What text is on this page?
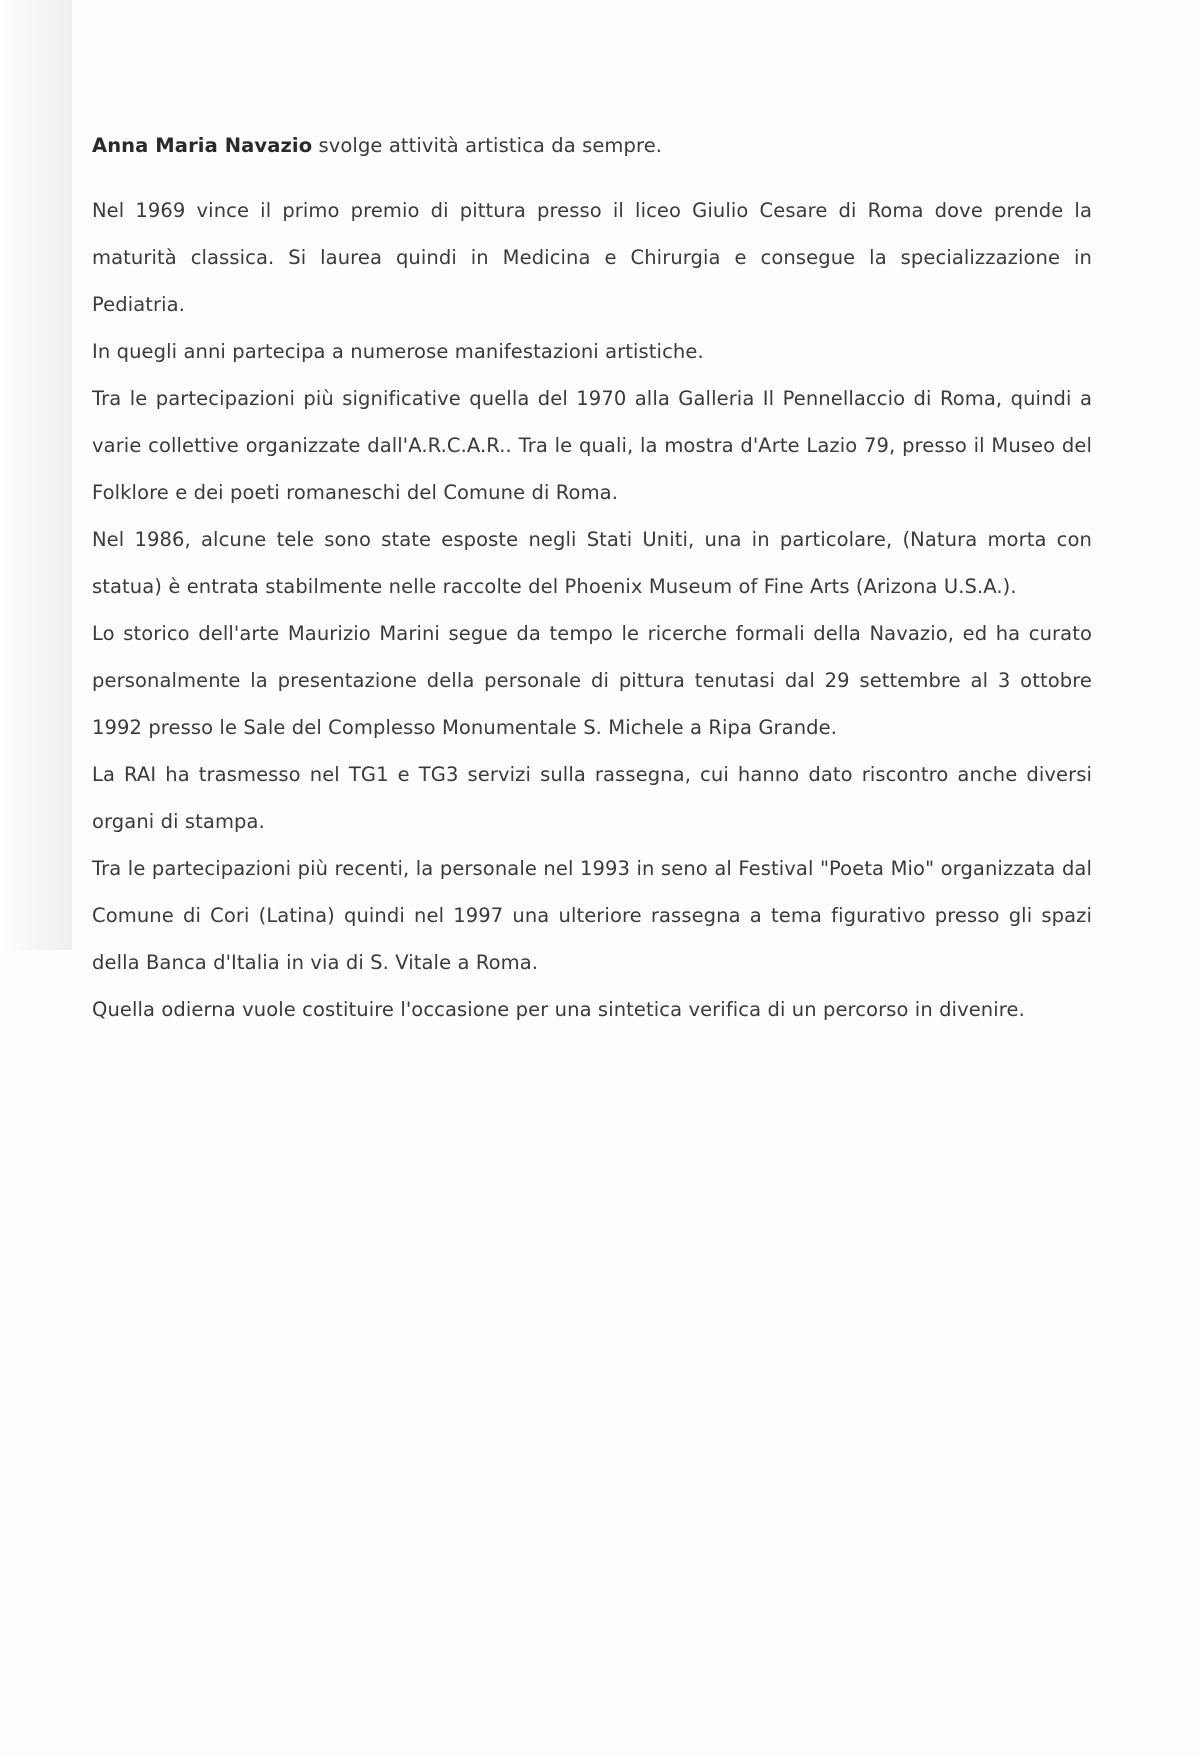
Anna Maria Navazio svolge attività artistica da sempre.

Nel 1969 vince il primo premio di pittura presso il liceo Giulio Cesare di Roma dove prende la maturità classica. Si laurea quindi in Medicina e Chirurgia e consegue la specializzazione in Pediatria.

In quegli anni partecipa a numerose manifestazioni artistiche.

Tra le partecipazioni più significative quella del 1970 alla Galleria Il Pennellaccio di Roma, quindi a varie collettive organizzate dall'A.R.C.A.R.. Tra le quali, la mostra d'Arte Lazio 79, presso il Museo del Folklore e dei poeti romaneschi del Comune di Roma.

Nel 1986, alcune tele sono state esposte negli Stati Uniti, una in particolare, (Natura morta con statua) è entrata stabilmente nelle raccolte del Phoenix Museum of Fine Arts (Arizona U.S.A.).

Lo storico dell'arte Maurizio Marini segue da tempo le ricerche formali della Navazio, ed ha curato personalmente la presentazione della personale di pittura tenutasi dal 29 settembre al 3 ottobre 1992 presso le Sale del Complesso Monumentale S. Michele a Ripa Grande.

La RAI ha trasmesso nel TG1 e TG3 servizi sulla rassegna, cui hanno dato riscontro anche diversi organi di stampa.

Tra le partecipazioni più recenti, la personale nel 1993 in seno al Festival "Poeta Mio" organizzata dal Comune di Cori (Latina) quindi nel 1997 una ulteriore rassegna a tema figurativo presso gli spazi della Banca d'Italia in via di S. Vitale a Roma.

Quella odierna vuole costituire l'occasione per una sintetica verifica di un percorso in divenire.
